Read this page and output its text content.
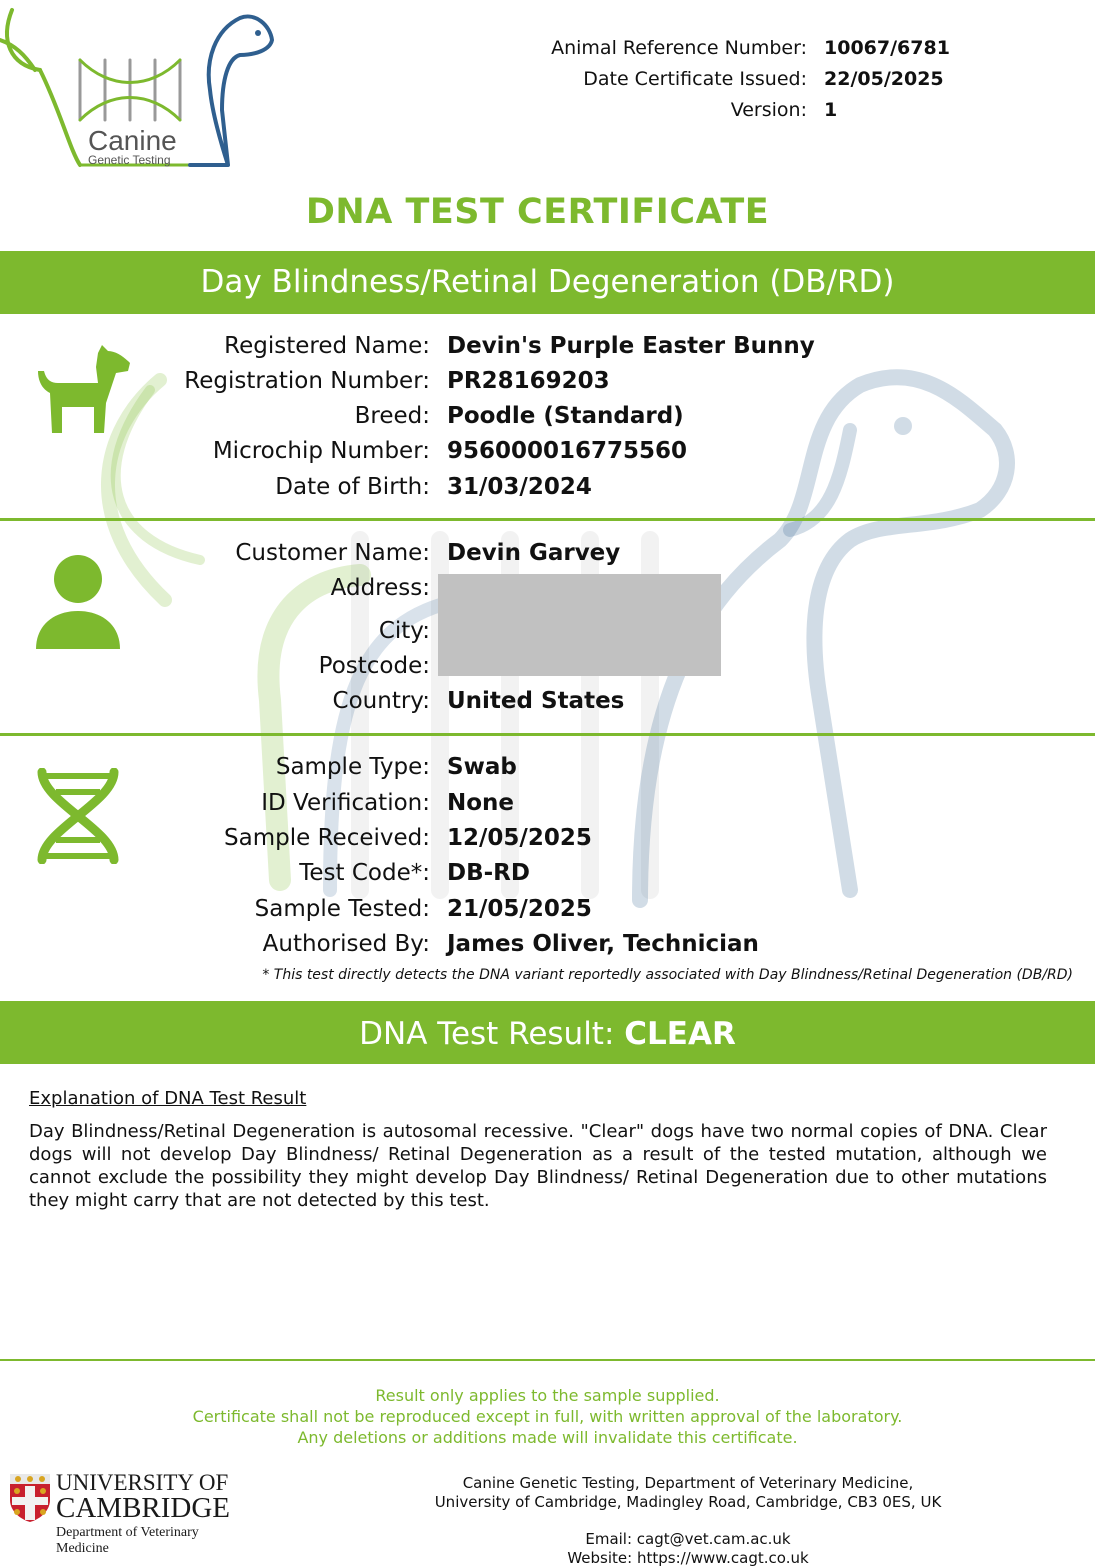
Canine
Genetic Testing
Animal Reference Number: 10067/6781
Date Certificate Issued: 22/05/2025
Version: 1
DNA TEST CERTIFICATE
Day Blindness/Retinal Degeneration (DB/RD)
Registered Name: Devin's Purple Easter Bunny
Registration Number: PR28169203
Breed: Poodle (Standard)
Microchip Number: 956000016775560
Date of Birth: 31/03/2024
Customer Name: Devin Garvey
Address:
City:
Postcode:
Country: United States
Sample Type: Swab
ID Verification: None
Sample Received: 12/05/2025
Test Code*: DB-RD
Sample Tested: 21/05/2025
Authorised By: James Oliver, Technician
* This test directly detects the DNA variant reportedly associated with Day Blindness/Retinal Degeneration (DB/RD)
DNA Test Result: CLEAR
Explanation of DNA Test Result
Day Blindness/Retinal Degeneration is autosomal recessive. "Clear" dogs have two normal copies of DNA. Clear dogs will not develop Day Blindness/ Retinal Degeneration as a result of the tested mutation, although we cannot exclude the possibility they might develop Day Blindness/ Retinal Degeneration due to other mutations they might carry that are not detected by this test.
Result only applies to the sample supplied.
Certificate shall not be reproduced except in full, with written approval of the laboratory.
Any deletions or additions made will invalidate this certificate.
UNIVERSITY OF
CAMBRIDGE
Department of Veterinary
Medicine
Canine Genetic Testing, Department of Veterinary Medicine,
University of Cambridge, Madingley Road, Cambridge, CB3 0ES, UK
Email: cagt@vet.cam.ac.uk
Website: https://www.cagt.co.uk
